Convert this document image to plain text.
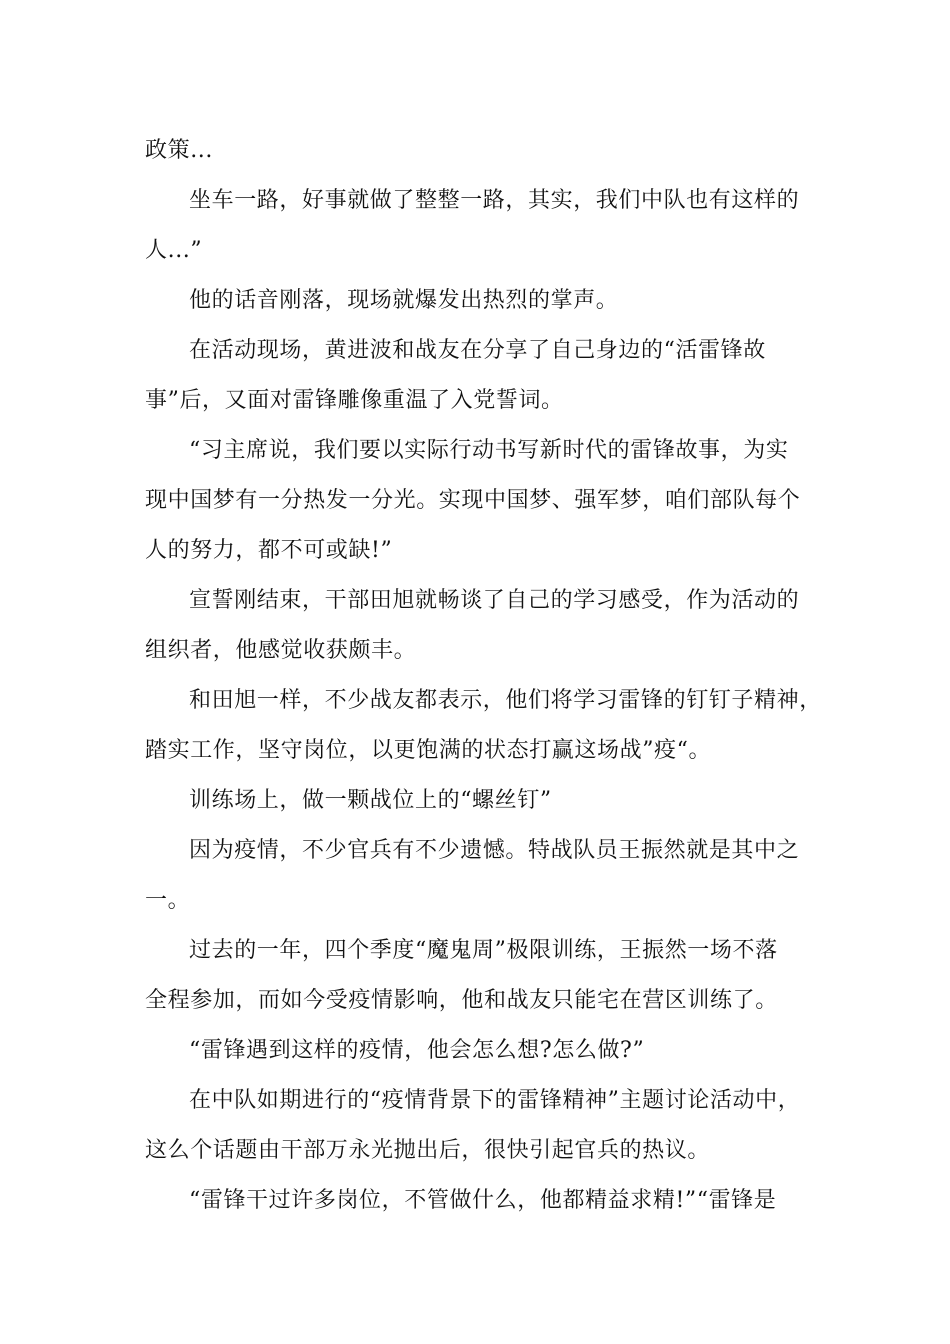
政策...
坐车一路，好事就做了整整一路，其实，我们中队也有这样的
人...”
他的话音刚落，现场就爆发出热烈的掌声。
在活动现场，黄进波和战友在分享了自己身边的“活雷锋故
事”后，又面对雷锋雕像重温了入党誓词。
“习主席说，我们要以实际行动书写新时代的雷锋故事，为实
现中国梦有一分热发一分光。实现中国梦、强军梦，咱们部队每个
人的努力，都不可或缺!”
宣誓刚结束，干部田旭就畅谈了自己的学习感受，作为活动的
组织者，他感觉收获颇丰。
和田旭一样，不少战友都表示，他们将学习雷锋的钉钉子精神，
踏实工作，坚守岗位，以更饱满的状态打赢这场战”疫“。
训练场上，做一颗战位上的“螺丝钉”
因为疫情，不少官兵有不少遗憾。特战队员王振然就是其中之
一。
过去的一年，四个季度“魔鬼周”极限训练，王振然一场不落
全程参加，而如今受疫情影响，他和战友只能宅在营区训练了。
“雷锋遇到这样的疫情，他会怎么想?怎么做?”
在中队如期进行的“疫情背景下的雷锋精神”主题讨论活动中，
这么个话题由干部万永光抛出后，很快引起官兵的热议。
“雷锋干过许多岗位，不管做什么，他都精益求精!”“雷锋是
